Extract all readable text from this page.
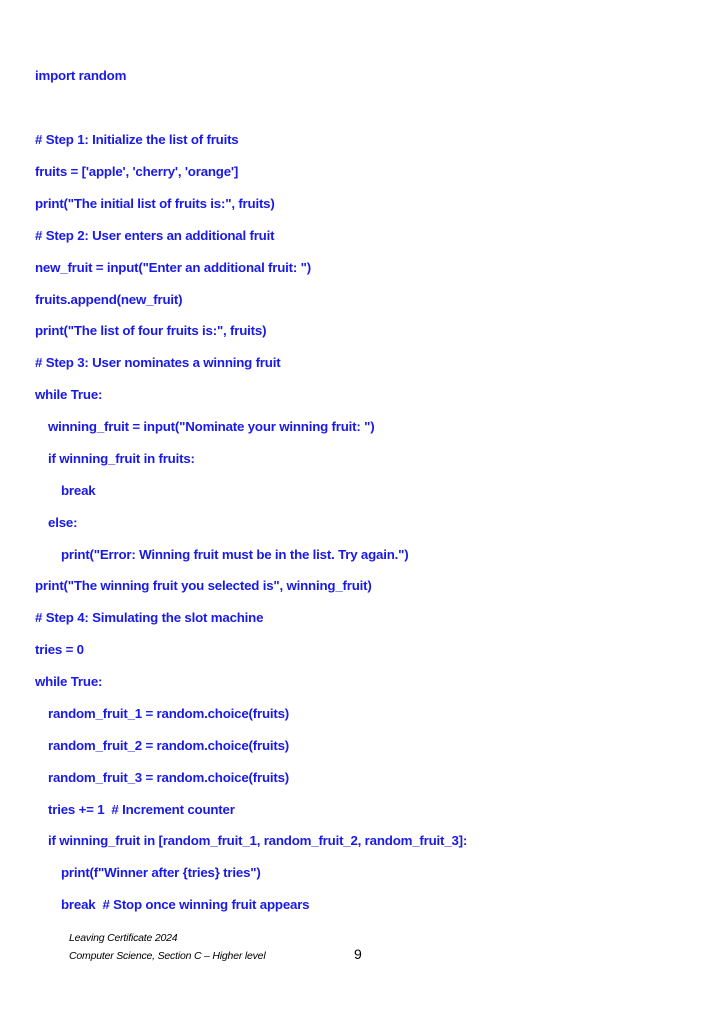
import random

# Step 1: Initialize the list of fruits

fruits = ['apple', 'cherry', 'orange']

print("The initial list of fruits is:", fruits)

# Step 2: User enters an additional fruit

new_fruit = input("Enter an additional fruit: ")

fruits.append(new_fruit)

print("The list of four fruits is:", fruits)

# Step 3: User nominates a winning fruit

while True:

winning_fruit = input("Nominate your winning fruit: ")

if winning_fruit in fruits:

break

else:

print("Error: Winning fruit must be in the list. Try again.")

print("The winning fruit you selected is", winning_fruit)

# Step 4: Simulating the slot machine

tries = 0

while True:

random_fruit_1 = random.choice(fruits)

random_fruit_2 = random.choice(fruits)

random_fruit_3 = random.choice(fruits)

tries += 1  # Increment counter

if winning_fruit in [random_fruit_1, random_fruit_2, random_fruit_3]:

print(f"Winner after {tries} tries")

break  # Stop once winning fruit appears

Leaving Certificate 2024

Computer Science, Section C – Higher level	9
